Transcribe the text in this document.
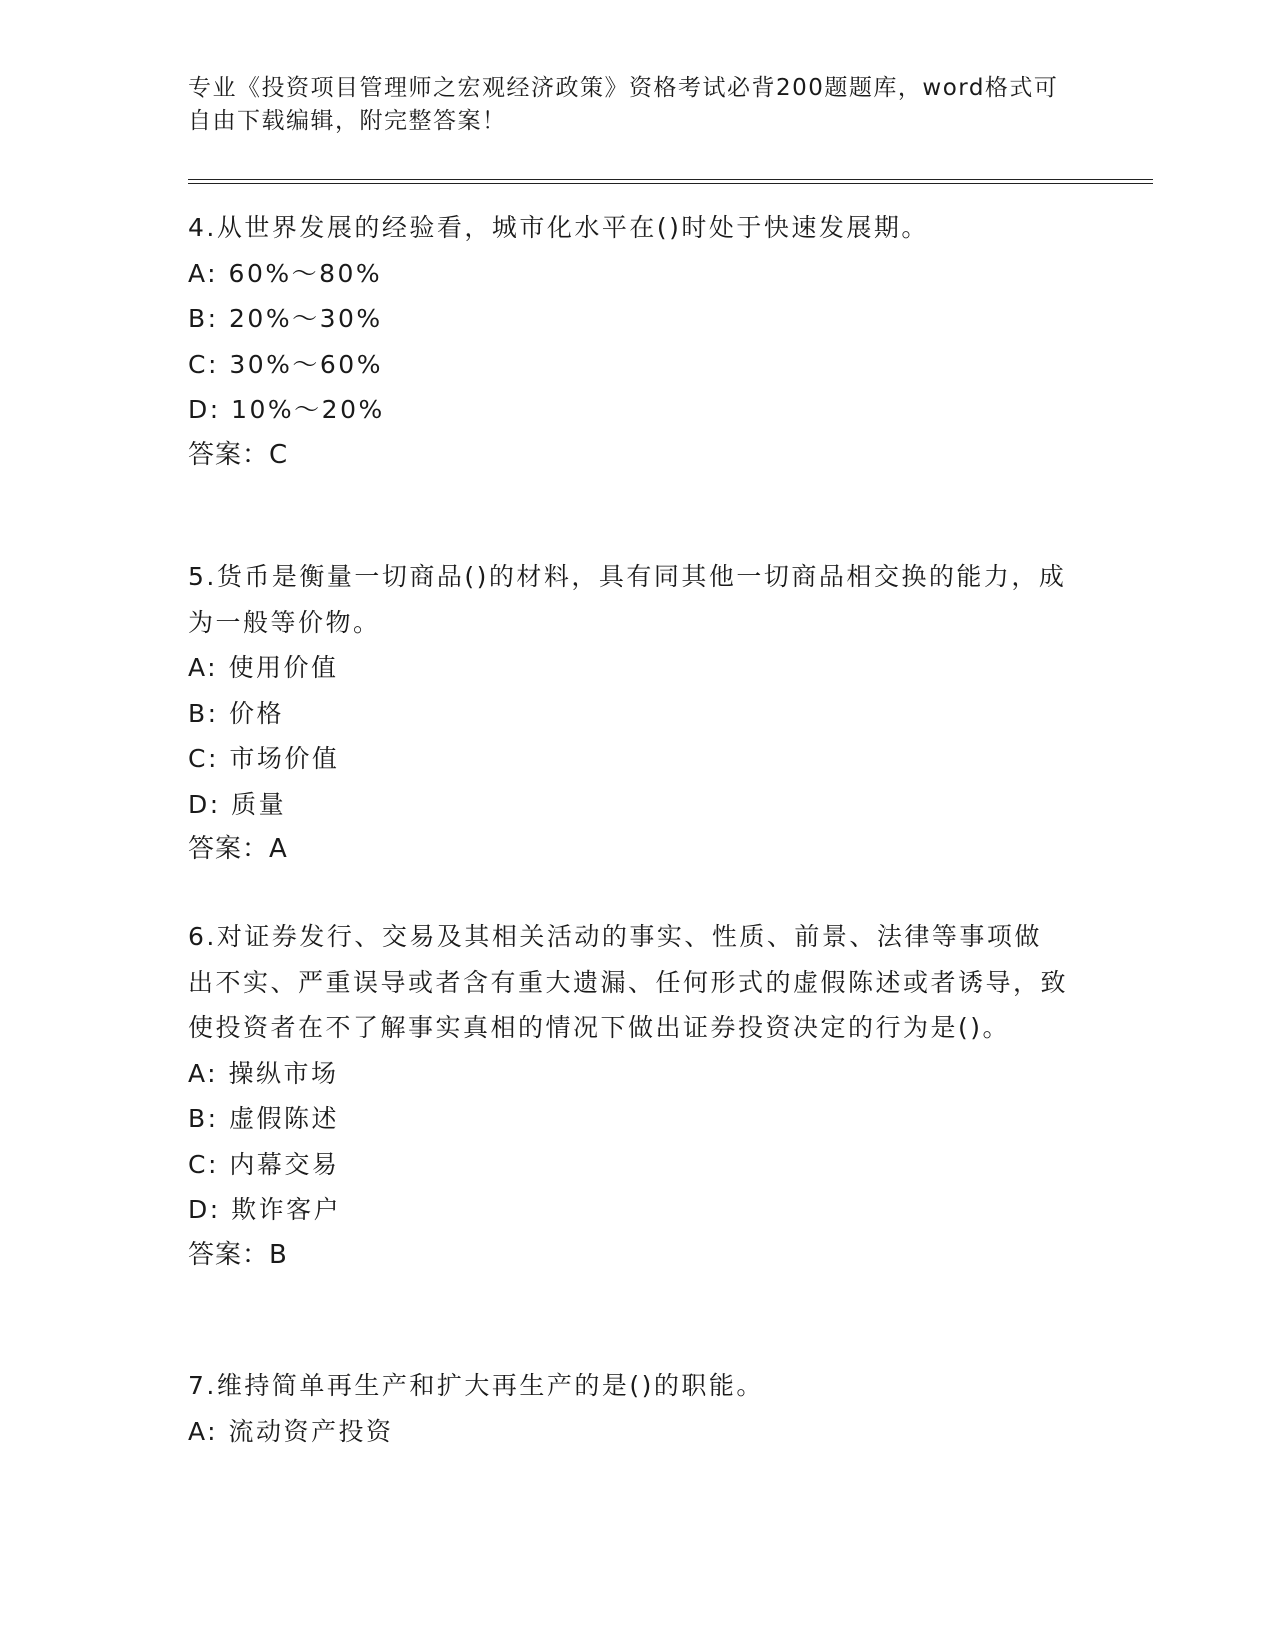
专业《投资项目管理师之宏观经济政策》资格考试必背200题题库，word格式可自由下载编辑，附完整答案！

4.从世界发展的经验看，城市化水平在()时处于快速发展期。

A: 60%～80%

B: 20%～30%

C: 30%～60%

D: 10%～20%

答案：C

5.货币是衡量一切商品()的材料，具有同其他一切商品相交换的能力，成为一般等价物。

A: 使用价值

B: 价格

C: 市场价值

D: 质量

答案：A

6.对证券发行、交易及其相关活动的事实、性质、前景、法律等事项做出不实、严重误导或者含有重大遗漏、任何形式的虚假陈述或者诱导，致使投资者在不了解事实真相的情况下做出证券投资决定的行为是()。

A: 操纵市场

B: 虚假陈述

C: 内幕交易

D: 欺诈客户

答案：B

7.维持简单再生产和扩大再生产的是()的职能。

A: 流动资产投资
